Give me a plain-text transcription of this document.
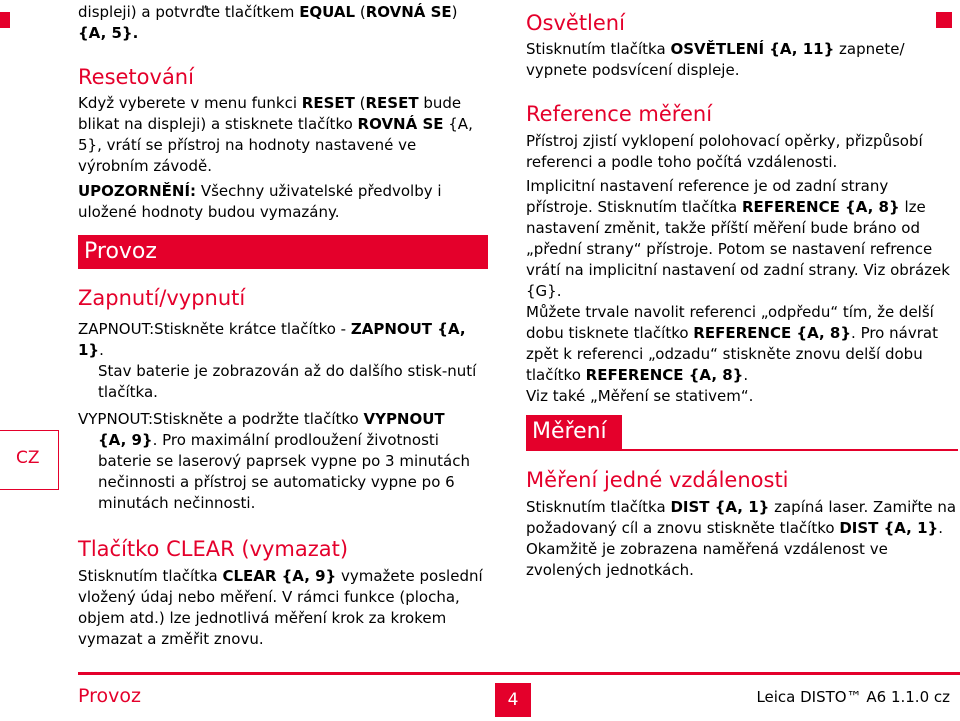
CZ

displeji) a potvrďte tlačítkem EQUAL (ROVNÁ SE)
{A, 5}.

Resetování

Když vyberete v menu funkci RESET (RESET bude blikat na displeji) a stisknete tlačítko ROVNÁ SE {A, 5}, vrátí se přístroj na hodnoty nastavené ve výrobním závodě.

UPOZORNĚNÍ: Všechny uživatelské předvolby i uložené hodnoty budou vymazány.

Provoz
Zapnutí/vypnutí

ZAPNOUT:Stiskněte krátce tlačítko - ZAPNOUT {A, 1}.

Stav baterie je zobrazován až do dalšího stisk-nutí tlačítka.

VYPNOUT:Stiskněte a podržte tlačítko VYPNOUT

{A, 9}. Pro maximální prodloužení životnosti baterie se laserový paprsek vypne po 3 minutách nečinnosti a přístroj se automaticky vypne po 6 minutách nečinnosti.

Tlačítko CLEAR (vymazat)

Stisknutím tlačítka CLEAR {A, 9} vymažete poslední vložený údaj nebo měření. V rámci funkce (plocha, objem atd.) lze jednotlivá měření krok za krokem vymazat a změřit znovu.

Osvětlení

Stisknutím tlačítka OSVĚTLENÍ {A, 11} zapnete/ vypnete podsvícení displeje.

Reference měření

Přístroj zjistí vyklopení polohovací opěrky, přizpůsobí referenci a podle toho počítá vzdálenosti.

Implicitní nastavení reference je od zadní strany přístroje. Stisknutím tlačítka REFERENCE {A, 8} lze nastavení změnit, takže příští měření bude bráno od „přední strany“ přístroje. Potom se nastavení refrence vrátí na implicitní nastavení od zadní strany. Viz obrázek {G}.

Můžete trvale navolit referenci „odpředu“ tím, že delší dobu tisknete tlačítko REFERENCE {A, 8}. Pro návrat zpět k referenci „odzadu“ stiskněte znovu delší dobu tlačítko REFERENCE {A, 8}.

Viz také „Měření se stativem“.

Měření
Měření jedné vzdálenosti

Stisknutím tlačítka DIST {A, 1} zapíná laser. Zamiřte na požadovaný cíl a znovu stiskněte tlačítko DIST {A, 1}. Okamžitě je zobrazena naměřená vzdálenost ve zvolených jednotkách.

Provoz	4	Leica DISTO™ A6 1.1.0 cz
